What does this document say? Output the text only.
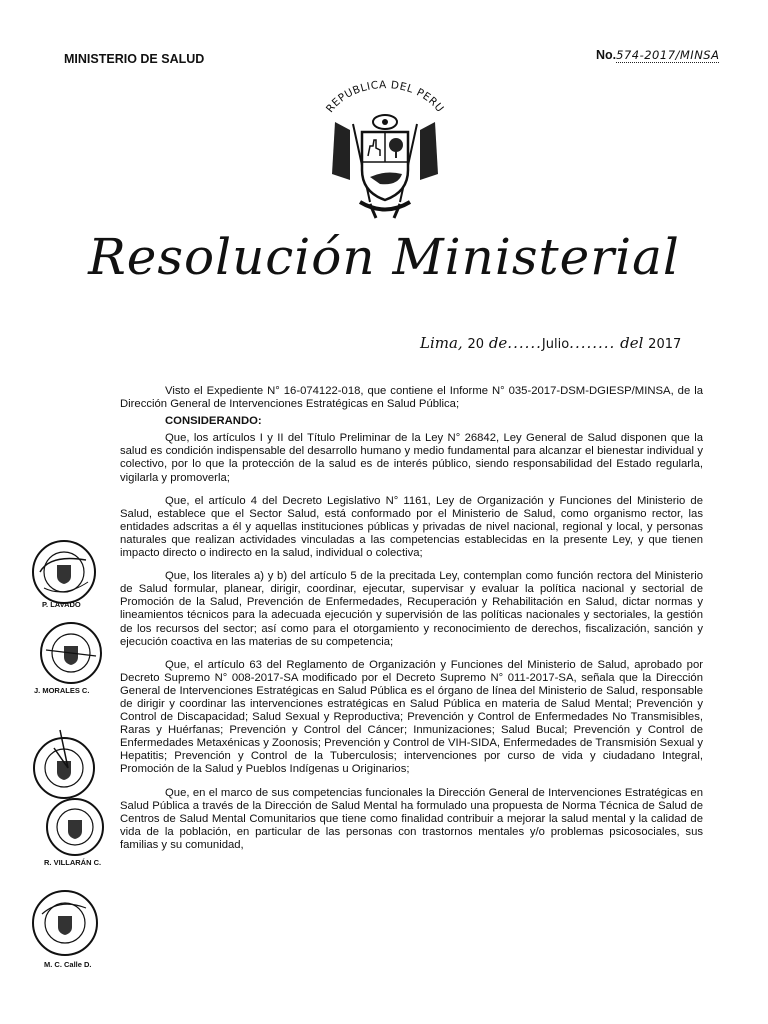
MINISTERIO DE SALUD	No.574-2017/MINSA
REPUBLICA DEL PERU
Resolución Ministerial
Lima, 20 de......Julio........ del 2017

Visto el Expediente N° 16-074122-018, que contiene el Informe N° 035-2017-DSM-DGIESP/MINSA, de la Dirección General de Intervenciones Estratégicas en Salud Pública;

CONSIDERANDO:

Que, los artículos I y II del Título Preliminar de la Ley N° 26842, Ley General de Salud disponen que la salud es condición indispensable del desarrollo humano y medio fundamental para alcanzar el bienestar individual y colectivo, por lo que la protección de la salud es de interés público, siendo responsabilidad del Estado regularla, vigilarla y promoverla;

Que, el artículo 4 del Decreto Legislativo N° 1161, Ley de Organización y Funciones del Ministerio de Salud, establece que el Sector Salud, está conformado por el Ministerio de Salud, como organismo rector, las entidades adscritas a él y aquellas instituciones públicas y privadas de nivel nacional, regional y local, y personas naturales que realizan actividades vinculadas a las competencias establecidas en la presente Ley, y que tienen impacto directo o indirecto en la salud, individual o colectiva;

Que, los literales a) y b) del artículo 5 de la precitada Ley, contemplan como función rectora del Ministerio de Salud formular, planear, dirigir, coordinar, ejecutar, supervisar y evaluar la política nacional y sectorial de Promoción de la Salud, Prevención de Enfermedades, Recuperación y Rehabilitación en Salud, dictar normas y lineamientos técnicos para la adecuada ejecución y supervisión de las políticas nacionales y sectoriales, la gestión de los recursos del sector; así como para el otorgamiento y reconocimiento de derechos, fiscalización, sanción y ejecución coactiva en las materias de su competencia;

Que, el artículo 63 del Reglamento de Organización y Funciones del Ministerio de Salud, aprobado por Decreto Supremo N° 008-2017-SA modificado por el Decreto Supremo N° 011-2017-SA, señala que la Dirección General de Intervenciones Estratégicas en Salud Pública es el órgano de línea del Ministerio de Salud, responsable de dirigir y coordinar las intervenciones estratégicas en Salud Pública en materia de Salud Mental; Prevención y Control de Discapacidad; Salud Sexual y Reproductiva; Prevención y Control de Enfermedades No Transmisibles, Raras y Huérfanas; Prevención y Control del Cáncer; Inmunizaciones; Salud Bucal; Prevención y Control de Enfermedades Metaxénicas y Zoonosis; Prevención y Control de VIH-SIDA, Enfermedades de Transmisión Sexual y Hepatitis; Prevención y Control de la Tuberculosis; intervenciones por curso de vida y ciudadano Integral, Promoción de la Salud y Pueblos Indígenas u Originarios;

Que, en el marco de sus competencias funcionales la Dirección General de Intervenciones Estratégicas en Salud Pública a través de la Dirección de Salud Mental ha formulado una propuesta de Norma Técnica de Salud de Centros de Salud Mental Comunitarios que tiene como finalidad contribuir a mejorar la salud mental y la calidad de vida de la población, en particular de las personas con trastornos mentales y/o problemas psicosociales, sus familias y su comunidad,

P. LAVADO
J. MORALES C.
R. VILLARÁN C.
M. C. Calle D.
